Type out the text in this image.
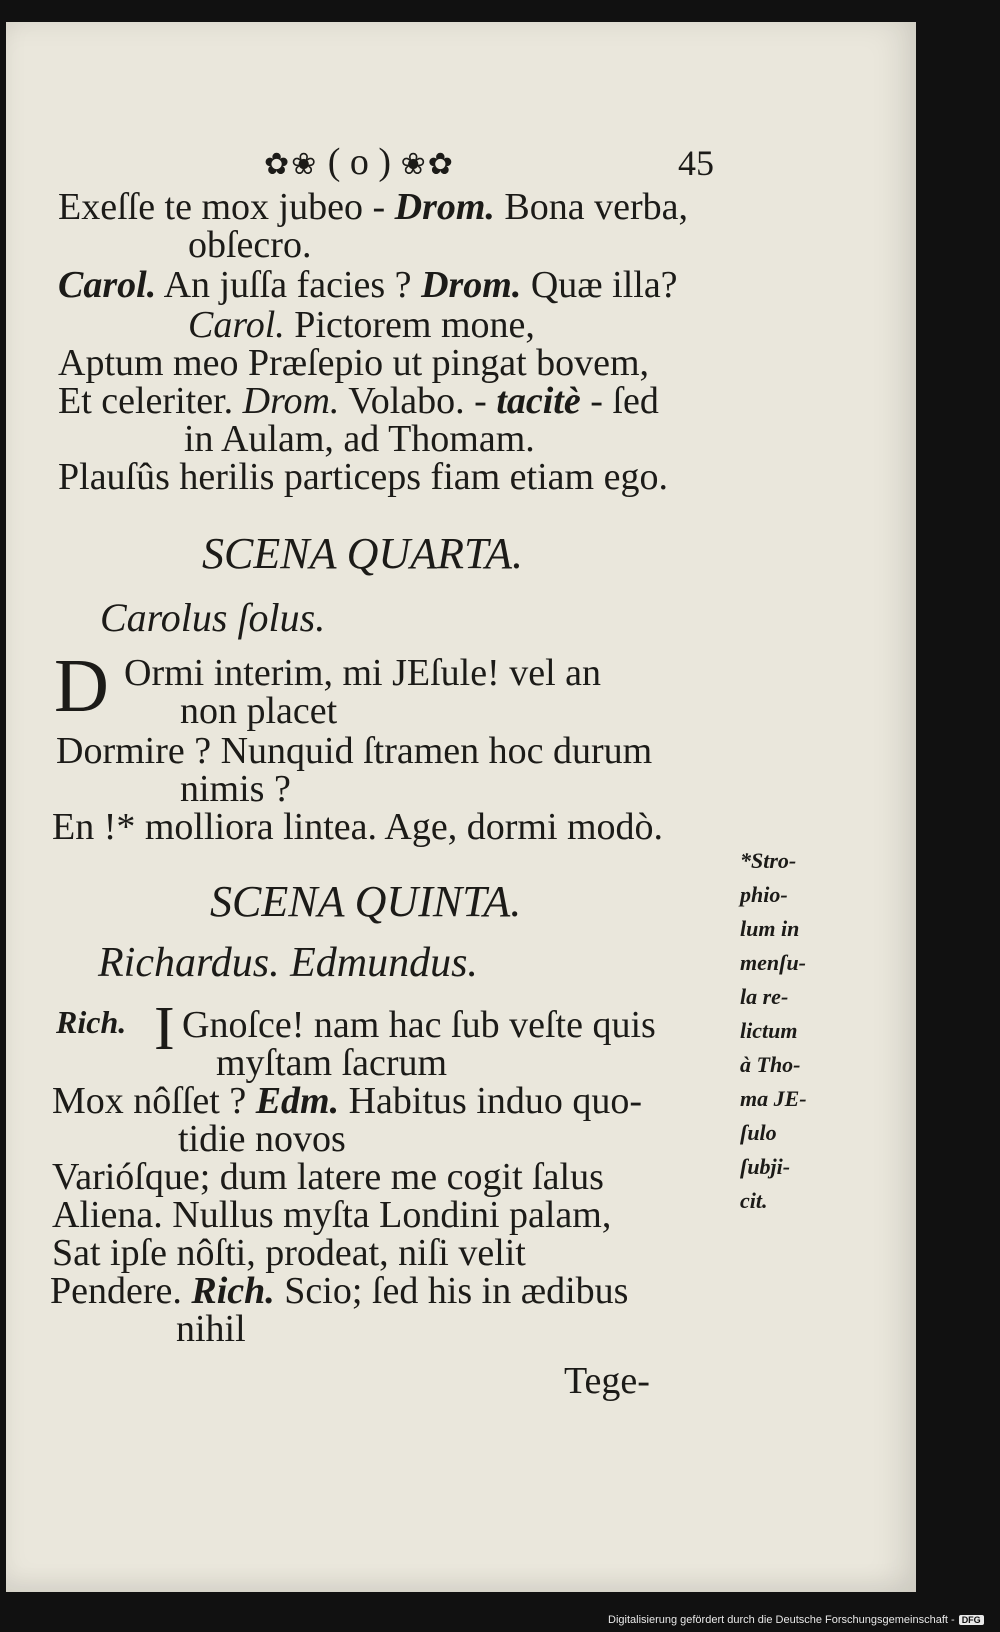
✿❀ ( o ) ❀✿	45
Exeſſe te mox jubeo - Drom. Bona verba,
obſecro.
Carol. An juſſa facies ? Drom. Quæ illa?
Carol. Pictorem mone,
Aptum meo Præſepio ut pingat bovem,
Et celeriter. Drom. Volabo. - tacitè - ſed
in Aulam, ad Thomam.
Plauſûs herilis particeps fiam etiam ego.
SCENA QUARTA.
Carolus ſolus.
D Ormi interim, mi JEſule! vel an
non placet
Dormire ? Nunquid ſtramen hoc durum
nimis ?
En !* molliora lintea. Age, dormi modò.
*Stro-
phio-
lum in
menſu-
la re-
lictum
à Tho-
ma JE-
ſulo
ſubji-
cit.
SCENA QUINTA.
Richardus. Edmundus.
Rich. I Gnoſce! nam hac ſub veſte quis
myſtam ſacrum
Mox nôſſet ? Edm. Habitus induo quo-
tidie novos
Varióſque; dum latere me cogit ſalus
Aliena. Nullus myſta Londini palam,
Sat ipſe nôſti, prodeat, niſi velit
Pendere. Rich. Scio; ſed his in ædibus
nihil
Tege-
Digitalisierung gefördert durch die Deutsche Forschungsgemeinschaft - DFG
